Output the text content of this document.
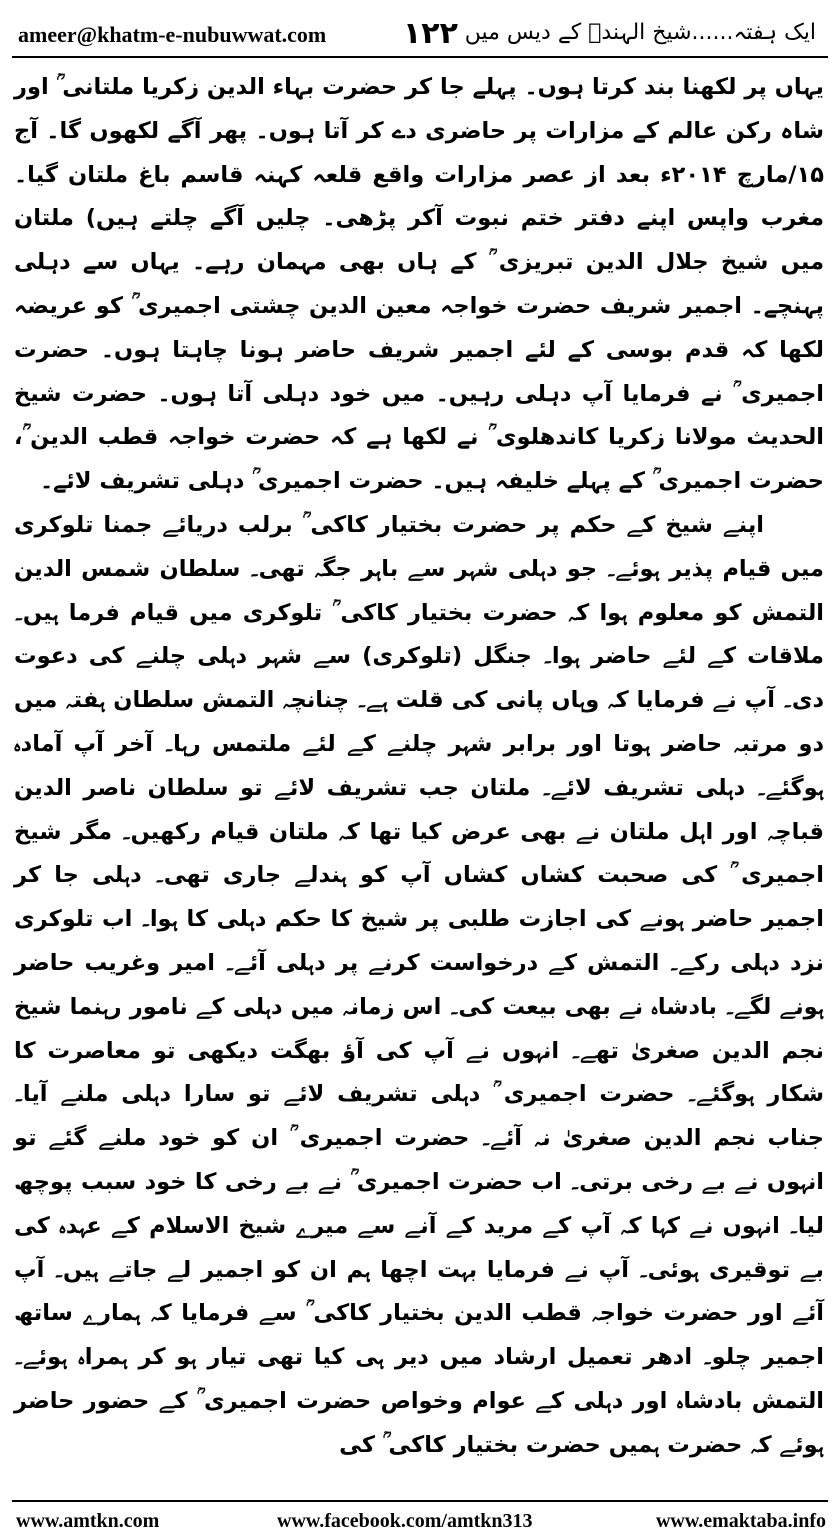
ameer@khatm-e-nubuwwat.com	۱۲۲ ایک ہفتہ......شیخ الہندؒ کے دیس میں

یہاں پر لکھنا بند کرتا ہوں۔ پہلے جا کر حضرت بہاء الدین زکریا ملتانی ؒ اور شاہ رکن عالم کے مزارات پر حاضری دے کر آتا ہوں۔ پھر آگے لکھوں گا۔ آج ۱۵/مارچ ۲۰۱۴ء بعد از عصر مزارات واقع قلعہ کہنہ قاسم باغ ملتان گیا۔ مغرب واپس اپنے دفتر ختم نبوت آکر پڑھی۔ چلیں آگے چلتے ہیں) ملتان میں شیخ جلال الدین تبریزی ؒ کے ہاں بھی مہمان رہے۔ یہاں سے دہلی پہنچے۔ اجمیر شریف حضرت خواجہ معین الدین چشتی اجمیری ؒ کو عریضہ لکھا کہ قدم بوسی کے لئے اجمیر شریف حاضر ہونا چاہتا ہوں۔ حضرت اجمیری ؒ نے فرمایا آپ دہلی رہیں۔ میں خود دہلی آتا ہوں۔ حضرت شیخ الحدیث مولانا زکریا کاندھلوی ؒ نے لکھا ہے کہ حضرت خواجہ قطب الدین ؒ، حضرت اجمیری ؒ کے پہلے خلیفہ ہیں۔ حضرت اجمیری ؒ دہلی تشریف لائے۔

اپنے شیخ کے حکم پر حضرت بختیار کاکی ؒ برلب دریائے جمنا تلوکری میں قیام پذیر ہوئے۔ جو دہلی شہر سے باہر جگہ تھی۔ سلطان شمس الدین التمش کو معلوم ہوا کہ حضرت بختیار کاکی ؒ تلوکری میں قیام فرما ہیں۔ ملاقات کے لئے حاضر ہوا۔ جنگل (تلوکری) سے شہر دہلی چلنے کی دعوت دی۔ آپ نے فرمایا کہ وہاں پانی کی قلت ہے۔ چنانچہ التمش سلطان ہفتہ میں دو مرتبہ حاضر ہوتا اور برابر شہر چلنے کے لئے ملتمس رہا۔ آخر آپ آمادہ ہوگئے۔ دہلی تشریف لائے۔ ملتان جب تشریف لائے تو سلطان ناصر الدین قباچہ اور اہل ملتان نے بھی عرض کیا تھا کہ ملتان قیام رکھیں۔ مگر شیخ اجمیری ؒ کی صحبت کشاں کشاں آپ کو ہندلے جاری تھی۔ دہلی جا کر اجمیر حاضر ہونے کی اجازت طلبی پر شیخ کا حکم دہلی کا ہوا۔ اب تلوکری نزد دہلی رکے۔ التمش کے درخواست کرنے پر دہلی آئے۔ امیر وغریب حاضر ہونے لگے۔ بادشاہ نے بھی بیعت کی۔ اس زمانہ میں دہلی کے نامور رہنما شیخ نجم الدین صغریٰ تھے۔ انہوں نے آپ کی آؤ بھگت دیکھی تو معاصرت کا شکار ہوگئے۔ حضرت اجمیری ؒ دہلی تشریف لائے تو سارا دہلی ملنے آیا۔ جناب نجم الدین صغریٰ نہ آئے۔ حضرت اجمیری ؒ ان کو خود ملنے گئے تو انہوں نے بے رخی برتی۔ اب حضرت اجمیری ؒ نے بے رخی کا خود سبب پوچھ لیا۔ انہوں نے کہا کہ آپ کے مرید کے آنے سے میرے شیخ الاسلام کے عہدہ کی بے توقیری ہوئی۔ آپ نے فرمایا بہت اچھا ہم ان کو اجمیر لے جاتے ہیں۔ آپ آئے اور حضرت خواجہ قطب الدین بختیار کاکی ؒ سے فرمایا کہ ہمارے ساتھ اجمیر چلو۔ ادھر تعمیل ارشاد میں دیر ہی کیا تھی تیار ہو کر ہمراہ ہوئے۔ التمش بادشاہ اور دہلی کے عوام وخواص حضرت اجمیری ؒ کے حضور حاضر ہوئے کہ حضرت ہمیں حضرت بختیار کاکی ؒ کی

www.amtkn.com	www.facebook.com/amtkn313	www.emaktaba.info
